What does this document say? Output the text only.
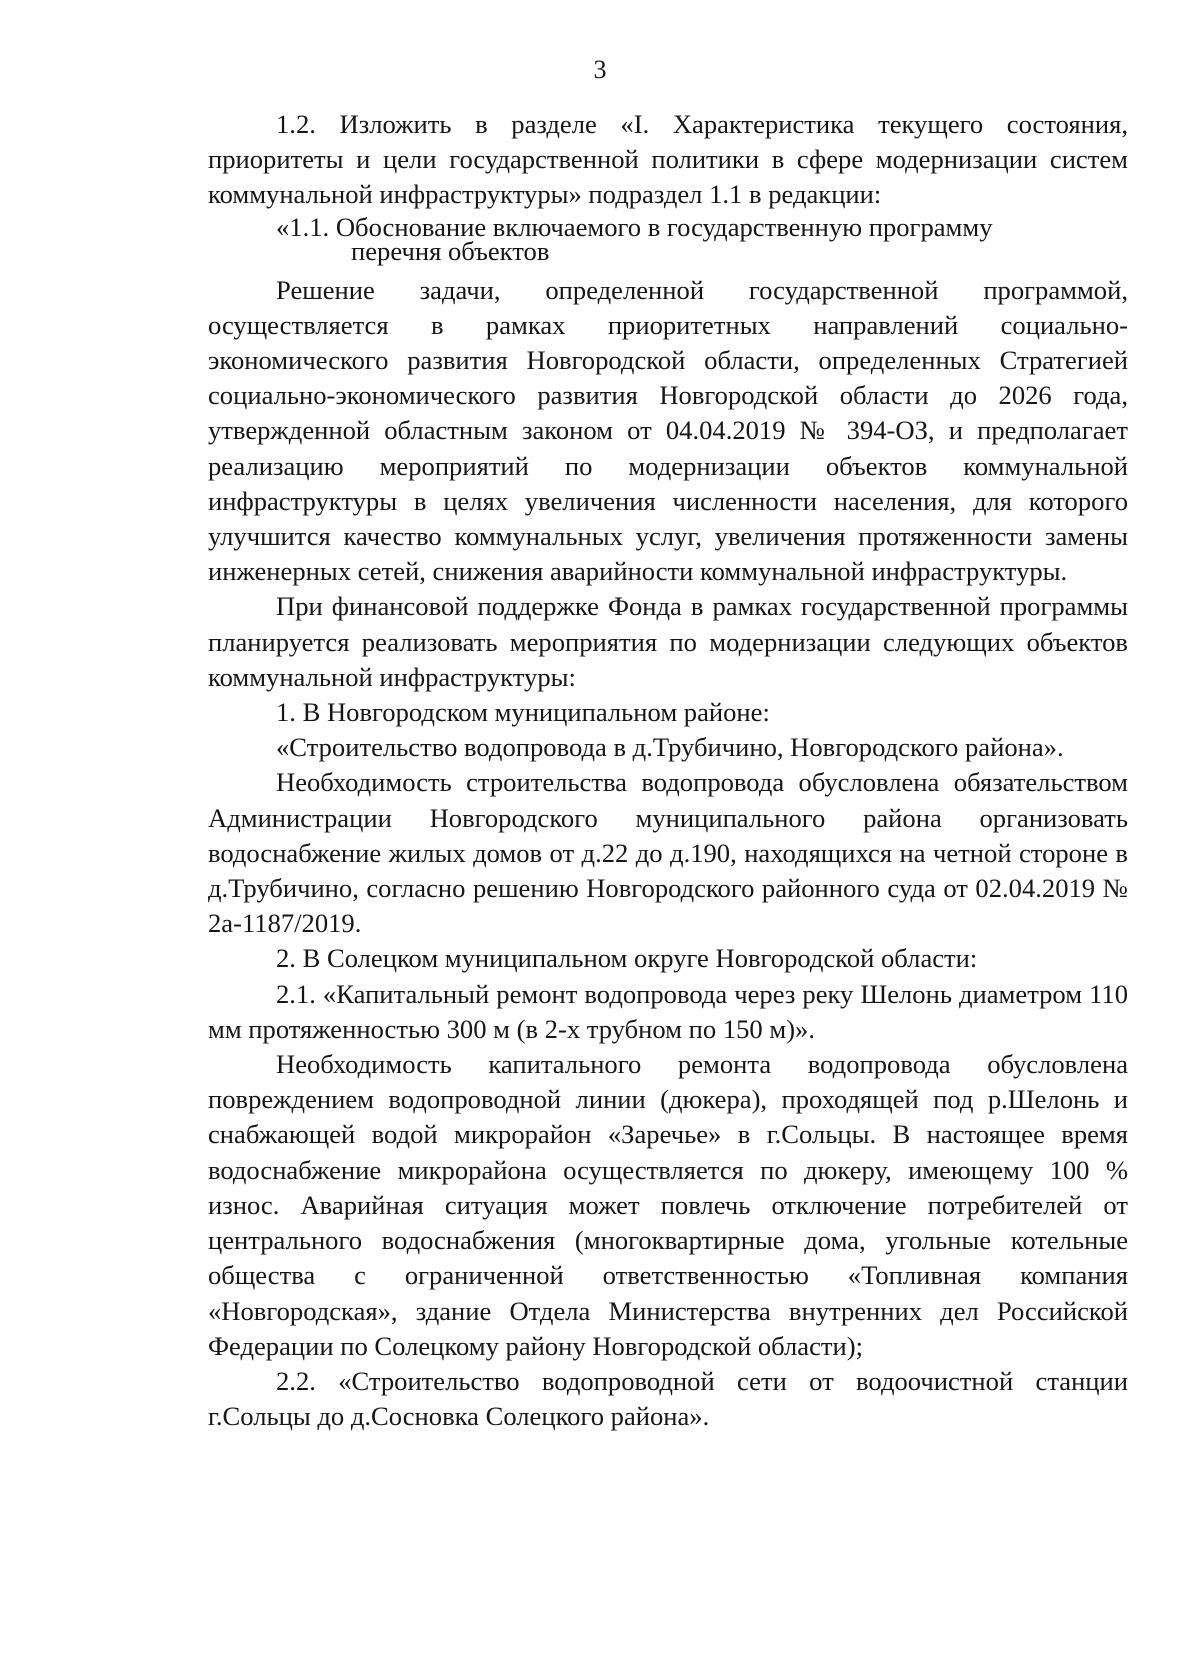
3

1.2. Изложить в разделе «I. Характеристика текущего состояния, приоритеты и цели государственной политики в сфере модернизации систем коммунальной инфраструктуры» подраздел 1.1 в редакции:

«1.1. Обоснование включаемого в государственную программу
перечня объектов

Решение задачи, определенной государственной программой, осуществляется в рамках приоритетных направлений социально-экономического развития Новгородской области, определенных Стратегией социально-экономического развития Новгородской области до 2026 года, утвержденной областным законом от 04.04.2019 № 394-ОЗ, и предполагает реализацию мероприятий по модернизации объектов коммунальной инфраструктуры в целях увеличения численности населения, для которого улучшится качество коммунальных услуг, увеличения протяженности замены инженерных сетей, снижения аварийности коммунальной инфраструктуры.

При финансовой поддержке Фонда в рамках государственной программы планируется реализовать мероприятия по модернизации следующих объектов коммунальной инфраструктуры:

1. В Новгородском муниципальном районе:

«Строительство водопровода в д.Трубичино, Новгородского района».

Необходимость строительства водопровода обусловлена обязательством Администрации Новгородского муниципального района организовать водоснабжение жилых домов от д.22 до д.190, находящихся на четной стороне в д.Трубичино, согласно решению Новгородского районного суда от 02.04.2019 № 2а-1187/2019.

2. В Солецком муниципальном округе Новгородской области:

2.1. «Капитальный ремонт водопровода через реку Шелонь диаметром 110 мм протяженностью 300 м (в 2-х трубном по 150 м)».

Необходимость капитального ремонта водопровода обусловлена повреждением водопроводной линии (дюкера), проходящей под р.Шелонь и снабжающей водой микрорайон «Заречье» в г.Сольцы. В настоящее время водоснабжение микрорайона осуществляется по дюкеру, имеющему 100 % износ. Аварийная ситуация может повлечь отключение потребителей от центрального водоснабжения (многоквартирные дома, угольные котельные общества с ограниченной ответственностью «Топливная компания «Новгородская», здание Отдела Министерства внутренних дел Российской Федерации по Солецкому району Новгородской области);

2.2. «Строительство водопроводной сети от водоочистной станции г.Сольцы до д.Сосновка Солецкого района».
